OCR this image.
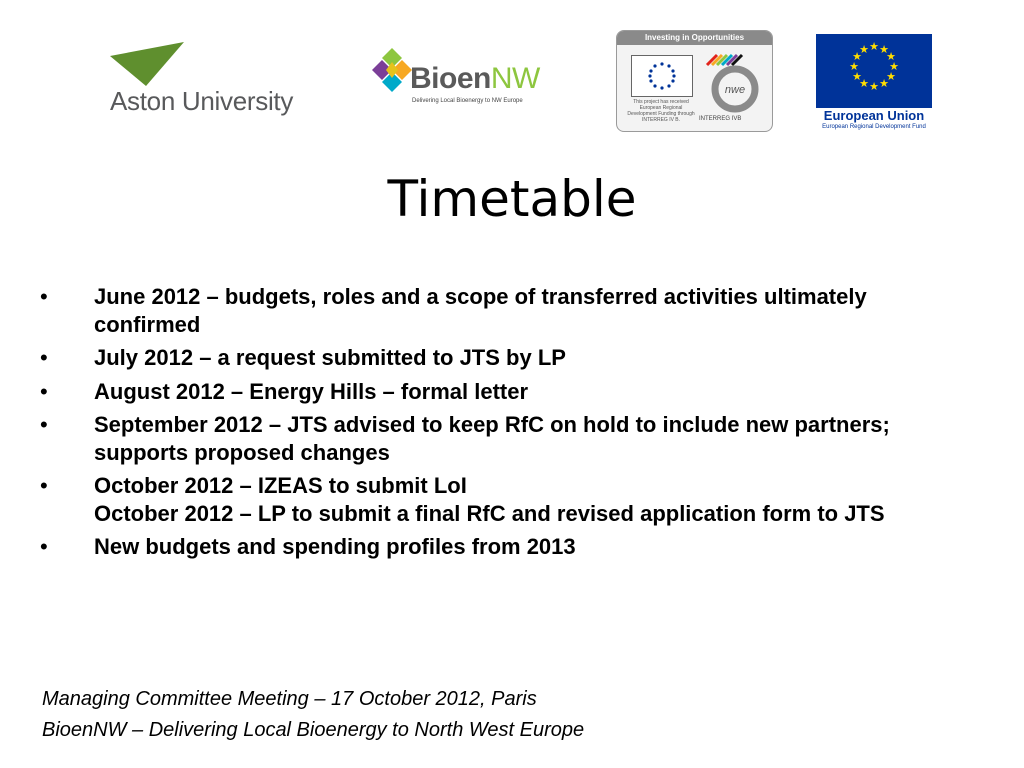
Aston University
BioenNW
Delivering Local Bioenergy to NW Europe
Investing in Opportunities
This project has received European Regional Development Funding through INTERREG IV B.
nwe
INTERREG IVB
★ ★
★
★
★
★
★
★
★
★
★
★
European Union
European Regional Development Fund
Timetable
• June 2012 – budgets, roles and a scope of transferred activities ultimately confirmed
• July 2012 – a request submitted to JTS by LP
• August 2012 – Energy Hills – formal letter
• September 2012 – JTS advised to keep RfC on hold to include new partners; supports proposed changes
• October 2012 – IZEAS to submit LoI
October 2012 – LP to submit a final RfC and revised application form to JTS
• New budgets and spending profiles from 2013
Managing Committee Meeting – 17 October 2012, Paris
BioenNW – Delivering Local Bioenergy to North West Europe
